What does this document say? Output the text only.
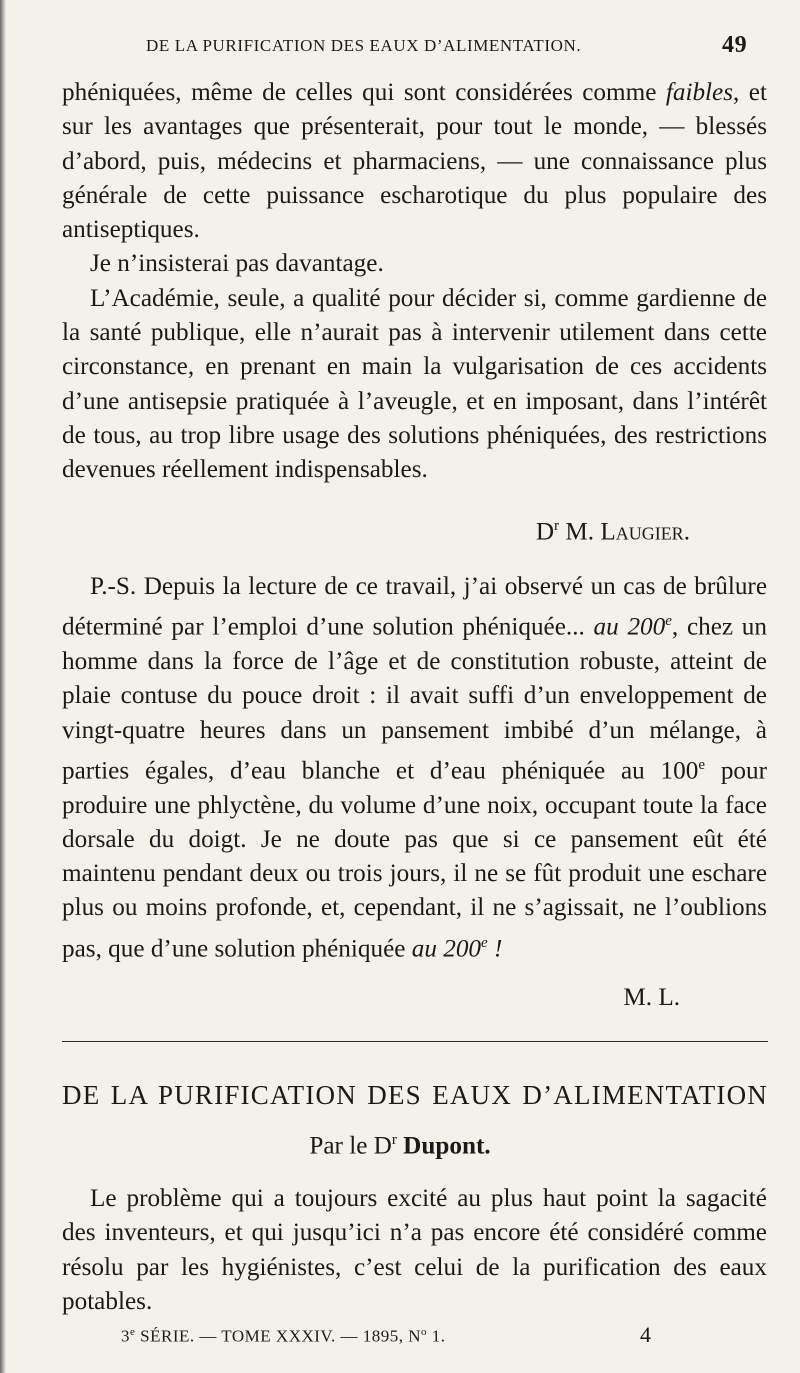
DE LA PURIFICATION DES EAUX D’ALIMENTATION.	49

phéniquées, même de celles qui sont considérées comme faibles, et sur les avantages que présenterait, pour tout le monde, — blessés d’abord, puis, médecins et pharmaciens, — une connaissance plus générale de cette puissance escharotique du plus populaire des antiseptiques.

Je n’insisterai pas davantage.

L’Académie, seule, a qualité pour décider si, comme gardienne de la santé publique, elle n’aurait pas à intervenir utilement dans cette circonstance, en prenant en main la vulgarisation de ces accidents d’une antisepsie pratiquée à l’aveugle, et en imposant, dans l’intérêt de tous, au trop libre usage des solutions phéniquées, des restrictions devenues réellement indispensables.

$D^r$ M. Laugier.

P.-S. Depuis la lecture de ce travail, j’ai observé un cas de brûlure déterminé par l’emploi d’une solution phéniquée... au 200e, chez un homme dans la force de l’âge et de constitution robuste, atteint de plaie contuse du pouce droit : il avait suffi d’un enveloppement de vingt-quatre heures dans un pansement imbibé d’un mélange, à parties égales, d’eau blanche et d’eau phéniquée au 100e pour produire une phlyctène, du volume d’une noix, occupant toute la face dorsale du doigt. Je ne doute pas que si ce pansement eût été maintenu pendant deux ou trois jours, il ne se fût produit une eschare plus ou moins profonde, et, cependant, il ne s’agissait, ne l’oublions pas, que d’une solution phéniquée au 200e !

M. L.
DE LA PURIFICATION DES EAUX D’ALIMENTATION
Par le $D^r$ Dupont.

Le problème qui a toujours excité au plus haut point la sagacité des inventeurs, et qui jusqu’ici n’a pas encore été considéré comme résolu par les hygiénistes, c’est celui de la purification des eaux potables.

3e SÉRIE. — TOME XXXIV. — 1895, $N^o$ 1.	4
